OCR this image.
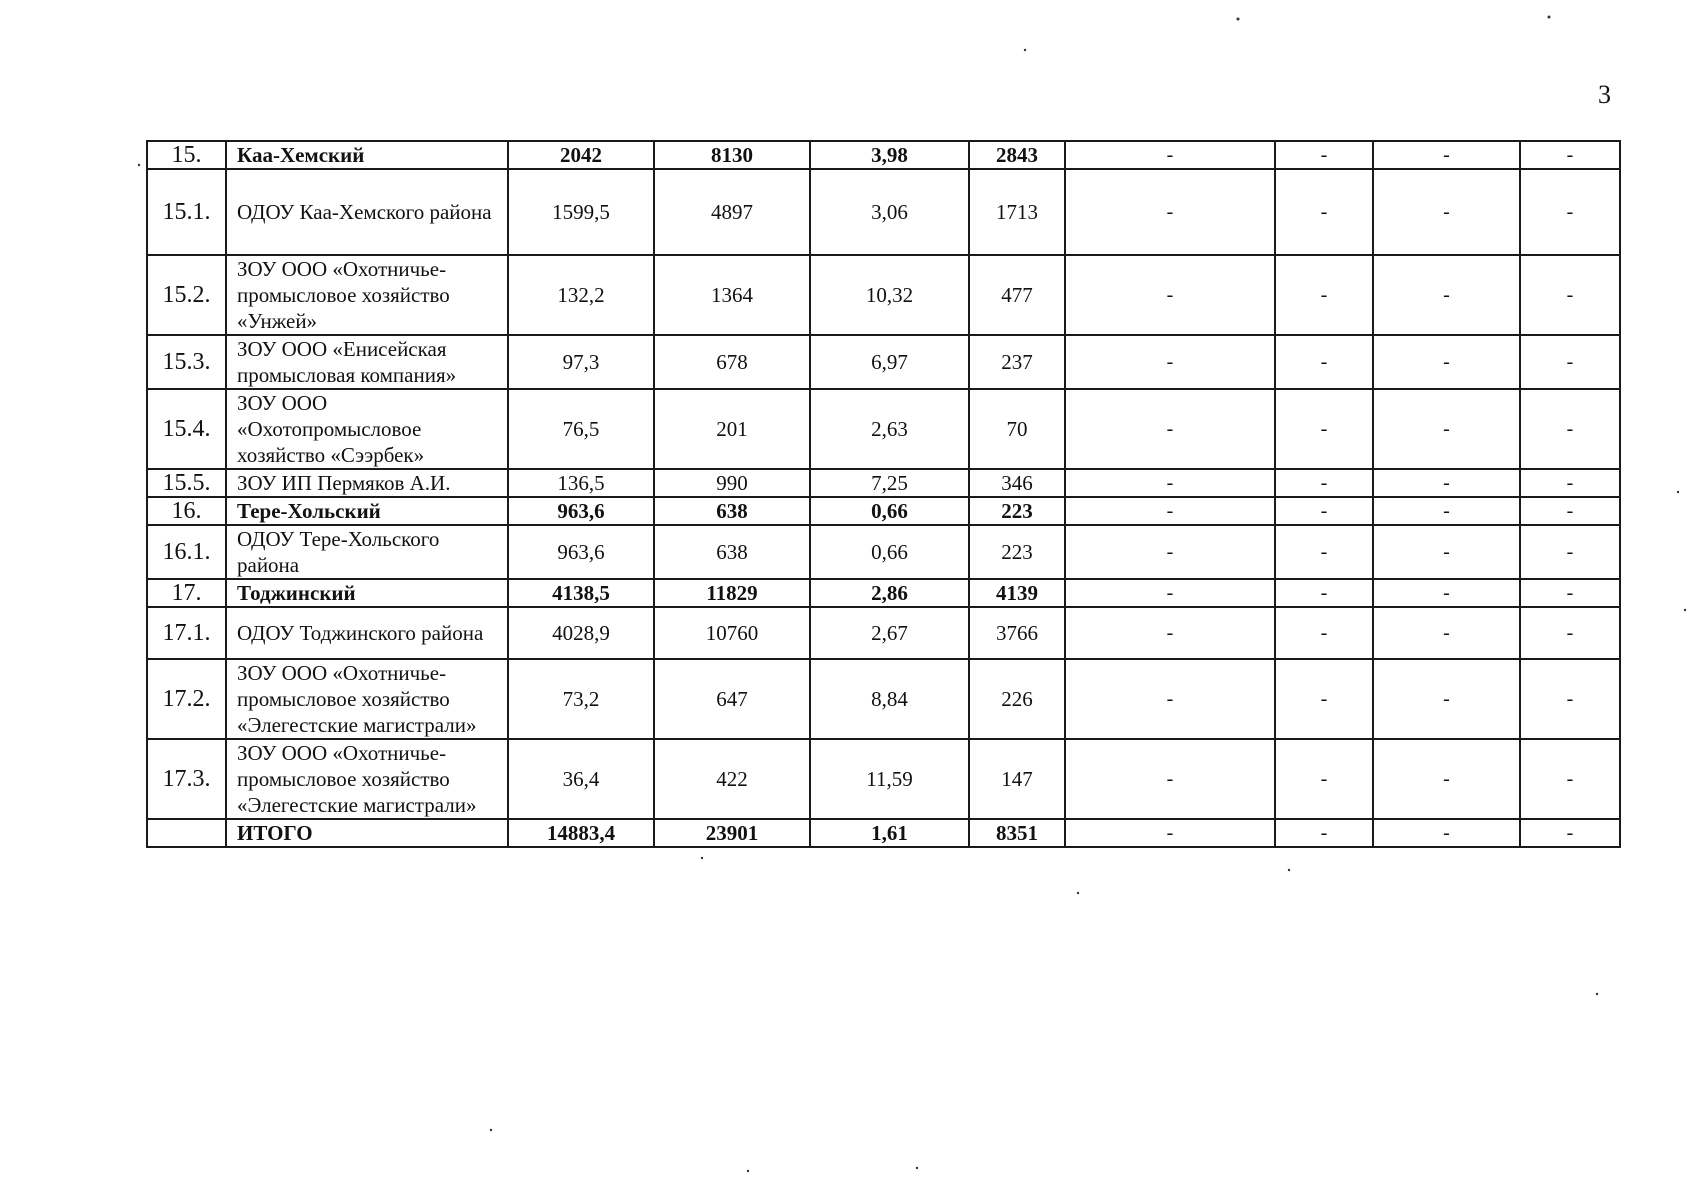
3
15.	Каа-Хемский	2042	8130	3,98	2843	-	-	-	-
15.1.	ОДОУ Каа-Хемского района	1599,5	4897	3,06	1713	-	-	-	-
15.2.	ЗОУ ООО «Охотничье-промысловое хозяйство «Унжей»	132,2	1364	10,32	477	-	-	-	-
15.3.	ЗОУ ООО «Енисейская промысловая компания»	97,3	678	6,97	237	-	-	-	-
15.4.	ЗОУ ООО «Охотопромысловое хозяйство «Сээрбек»	76,5	201	2,63	70	-	-	-	-
15.5.	ЗОУ ИП Пермяков А.И.	136,5	990	7,25	346	-	-	-	-
16.	Тере-Хольский	963,6	638	0,66	223	-	-	-	-
16.1.	ОДОУ Тере-Хольского района	963,6	638	0,66	223	-	-	-	-
17.	Тоджинский	4138,5	11829	2,86	4139	-	-	-	-
17.1.	ОДОУ Тоджинского района	4028,9	10760	2,67	3766	-	-	-	-
17.2.	ЗОУ ООО «Охотничье-промысловое хозяйство «Элегестские магистрали»	73,2	647	8,84	226	-	-	-	-
17.3.	ЗОУ ООО «Охотничье-промысловое хозяйство «Элегестские магистрали»	36,4	422	11,59	147	-	-	-	-
	ИТОГО	14883,4	23901	1,61	8351	-	-	-	-
